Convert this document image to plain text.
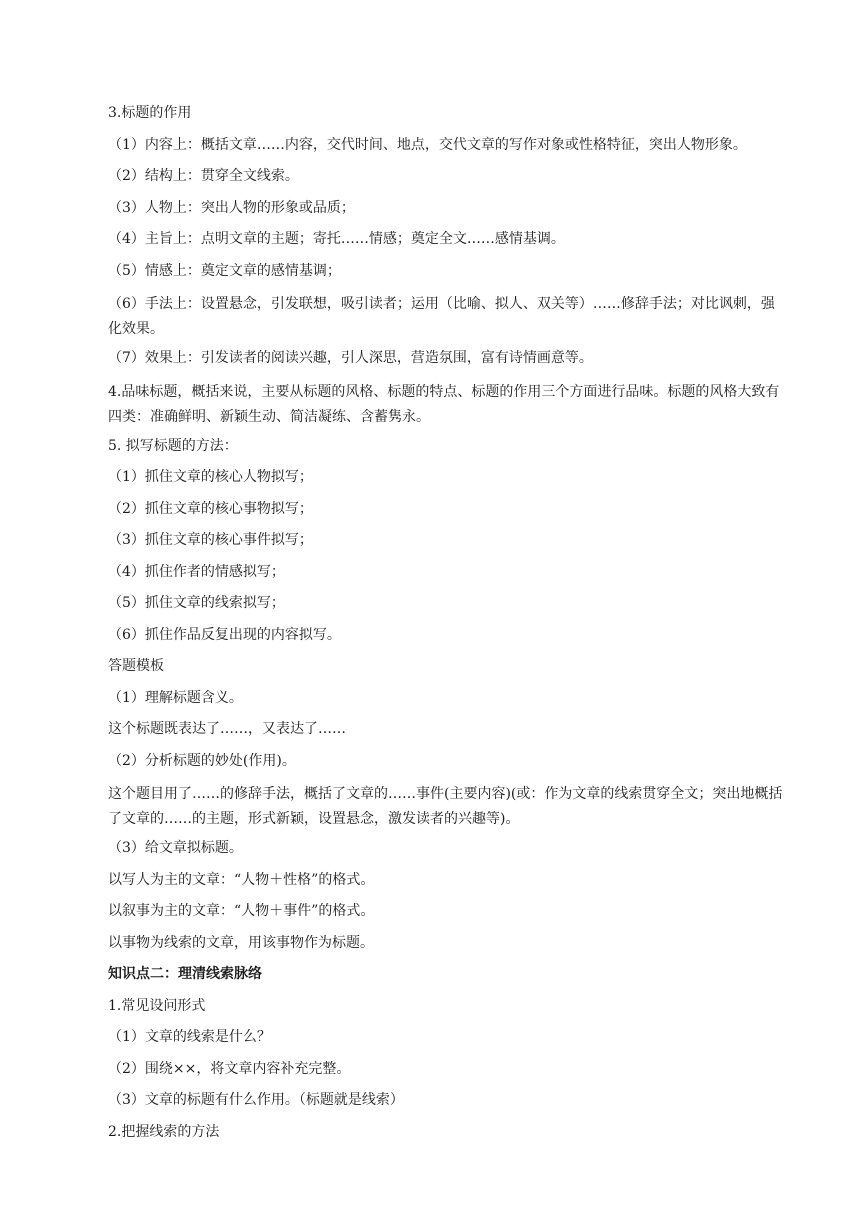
3.标题的作用

（1）内容上：概括文章……内容，交代时间、地点，交代文章的写作对象或性格特征，突出人物形象。

（2）结构上：贯穿全文线索。

（3）人物上：突出人物的形象或品质；

（4）主旨上：点明文章的主题；寄托……情感；奠定全文……感情基调。

（5）情感上：奠定文章的感情基调；

（6）手法上：设置悬念，引发联想，吸引读者；运用（比喻、拟人、双关等）……修辞手法；对比讽刺，强化效果。

（7）效果上：引发读者的阅读兴趣，引人深思，营造氛围，富有诗情画意等。

4.品味标题，概括来说，主要从标题的风格、标题的特点、标题的作用三个方面进行品味。标题的风格大致有四类：准确鲜明、新颖生动、简洁凝练、含蓄隽永。

5. 拟写标题的方法：

（1）抓住文章的核心人物拟写；

（2）抓住文章的核心事物拟写；

（3）抓住文章的核心事件拟写；

（4）抓住作者的情感拟写；

（5）抓住文章的线索拟写；

（6）抓住作品反复出现的内容拟写。

答题模板

（1）理解标题含义。

这个标题既表达了……，又表达了……

（2）分析标题的妙处(作用)。

这个题目用了……的修辞手法，概括了文章的……事件(主要内容)(或：作为文章的线索贯穿全文；突出地概括了文章的……的主题，形式新颖，设置悬念，激发读者的兴趣等)。

（3）给文章拟标题。

以写人为主的文章：“人物＋性格”的格式。

以叙事为主的文章：“人物＋事件”的格式。

以事物为线索的文章，用该事物作为标题。

知识点二：理清线索脉络

1.常见设问形式

（1）文章的线索是什么？

（2）围绕××，将文章内容补充完整。

（3）文章的标题有什么作用。（标题就是线索）

2.把握线索的方法
